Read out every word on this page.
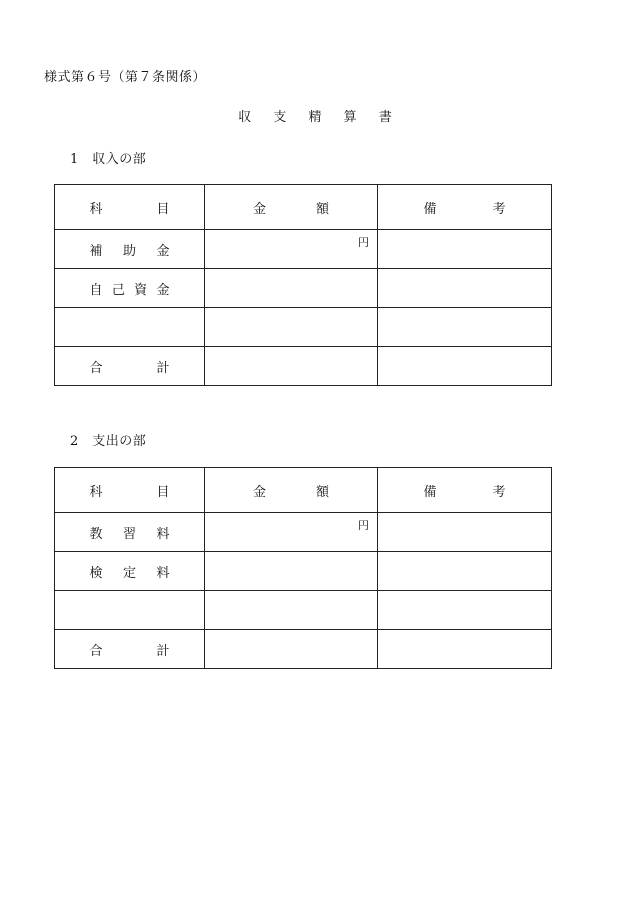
様式第６号（第７条関係）
収 支 精 算 書
1　収入の部
科 目	金 額	備 考

補 助 金	円	

自 己 資 金		

合 計		

2　支出の部
科 目	金 額	備 考

教 習 料	円	

検 定 料		

合 計		
